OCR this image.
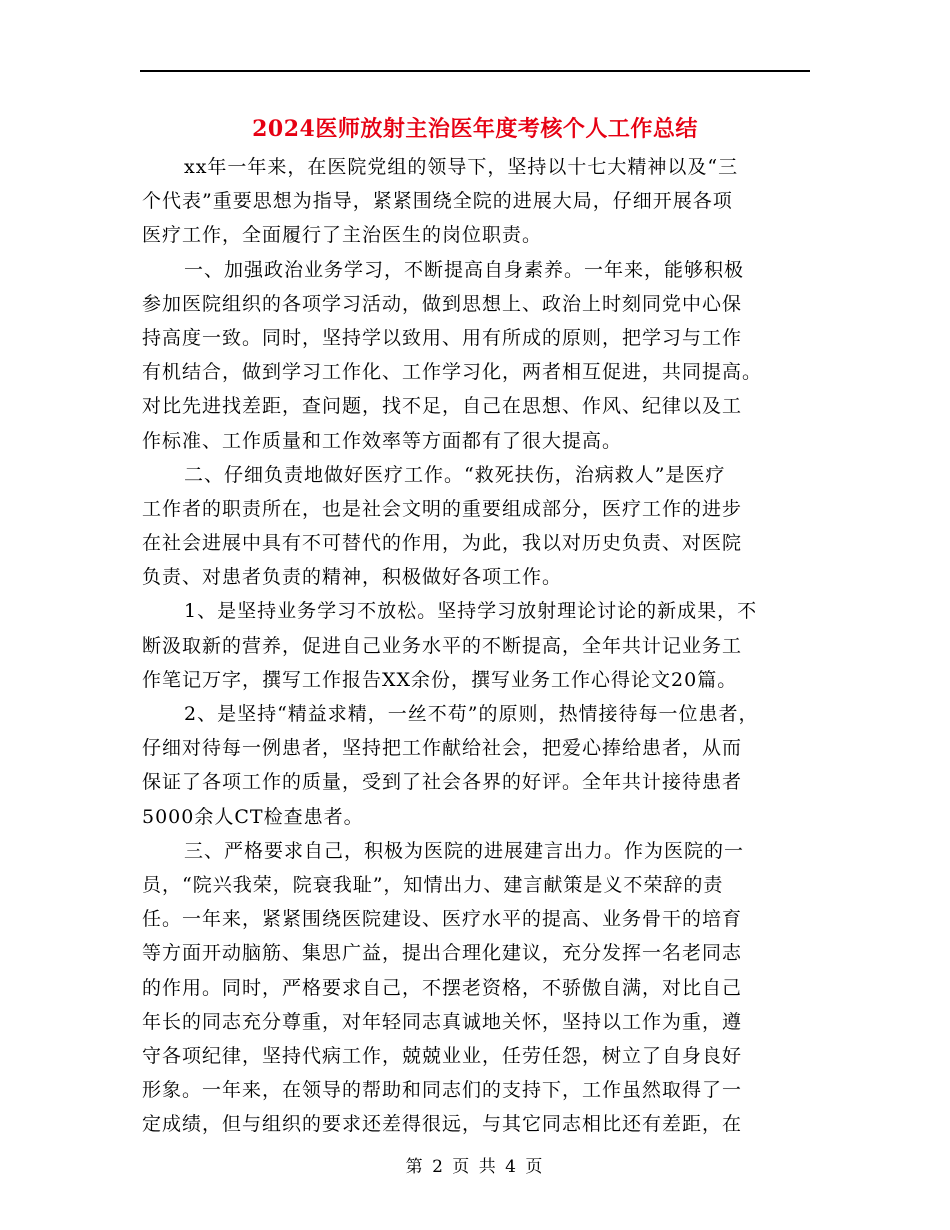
2024医师放射主治医年度考核个人工作总结
xx年一年来，在医院党组的领导下，坚持以十七大精神以及“三
个代表”重要思想为指导，紧紧围绕全院的进展大局，仔细开展各项
医疗工作，全面履行了主治医生的岗位职责。
一、加强政治业务学习，不断提高自身素养。一年来，能够积极
参加医院组织的各项学习活动，做到思想上、政治上时刻同党中心保
持高度一致。同时，坚持学以致用、用有所成的原则，把学习与工作
有机结合，做到学习工作化、工作学习化，两者相互促进，共同提高。
对比先进找差距，查问题，找不足，自己在思想、作风、纪律以及工
作标准、工作质量和工作效率等方面都有了很大提高。
二、仔细负责地做好医疗工作。“救死扶伤，治病救人”是医疗
工作者的职责所在，也是社会文明的重要组成部分，医疗工作的进步
在社会进展中具有不可替代的作用，为此，我以对历史负责、对医院
负责、对患者负责的精神，积极做好各项工作。
1、是坚持业务学习不放松。坚持学习放射理论讨论的新成果，不
断汲取新的营养，促进自己业务水平的不断提高，全年共计记业务工
作笔记万字，撰写工作报告XX余份，撰写业务工作心得论文20篇。
2、是坚持“精益求精，一丝不苟”的原则，热情接待每一位患者，
仔细对待每一例患者，坚持把工作献给社会，把爱心捧给患者，从而
保证了各项工作的质量，受到了社会各界的好评。全年共计接待患者
5000余人CT检查患者。
三、严格要求自己，积极为医院的进展建言出力。作为医院的一
员，“院兴我荣，院衰我耻”，知情出力、建言献策是义不荣辞的责
任。一年来，紧紧围绕医院建设、医疗水平的提高、业务骨干的培育
等方面开动脑筋、集思广益，提出合理化建议，充分发挥一名老同志
的作用。同时，严格要求自己，不摆老资格，不骄傲自满，对比自己
年长的同志充分尊重，对年轻同志真诚地关怀，坚持以工作为重，遵
守各项纪律，坚持代病工作，兢兢业业，任劳任怨，树立了自身良好
形象。一年来，在领导的帮助和同志们的支持下，工作虽然取得了一
定成绩，但与组织的要求还差得很远，与其它同志相比还有差距，在
第 2 页 共 4 页
